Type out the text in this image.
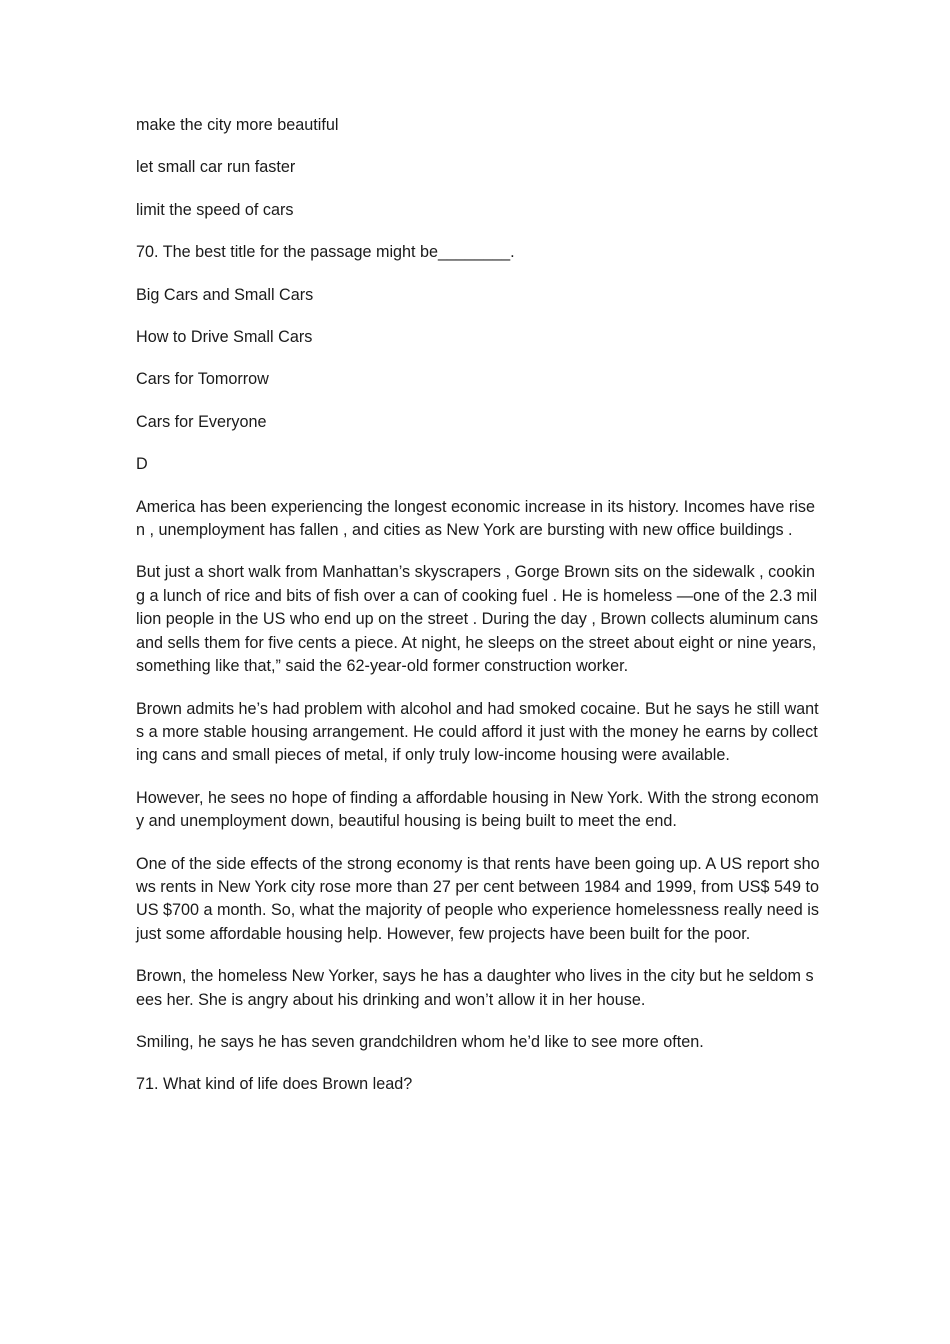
make the city more beautiful

let small car run faster

limit the speed of cars

70. The best title for the passage might be________.

Big Cars and Small Cars

How to Drive Small Cars

Cars for Tomorrow

Cars for Everyone

D

America has been experiencing the longest economic increase in its history. Incomes have risen , unemployment has fallen , and cities as New York are bursting with new office buildings .

But just a short walk from Manhattan’s skyscrapers , Gorge Brown sits on the sidewalk , cooking a lunch of rice and bits of fish over a can of cooking fuel . He is homeless —one of the 2.3 million people in the US who end up on the street . During the day , Brown collects aluminum cans and sells them for five cents a piece. At night, he sleeps on the street about eight or nine years, something like that,” said the 62-year-old former construction worker.

Brown admits he’s had problem with alcohol and had smoked cocaine. But he says he still wants a more stable housing arrangement. He could afford it just with the money he earns by collecting cans and small pieces of metal, if only truly low-income housing were available.

However, he sees no hope of finding a affordable housing in New York. With the strong economy and unemployment down, beautiful housing is being built to meet the end.

One of the side effects of the strong economy is that rents have been going up. A US report shows rents in New York city rose more than 27 per cent between 1984 and 1999, from US$ 549 to US $700 a month. So, what the majority of people who experience homelessness really need is just some affordable housing help. However, few projects have been built for the poor.

Brown, the homeless New Yorker, says he has a daughter who lives in the city but he seldom sees her. She is angry about his drinking and won’t allow it in her house.

Smiling, he says he has seven grandchildren whom he’d like to see more often.

71. What kind of life does Brown lead?
